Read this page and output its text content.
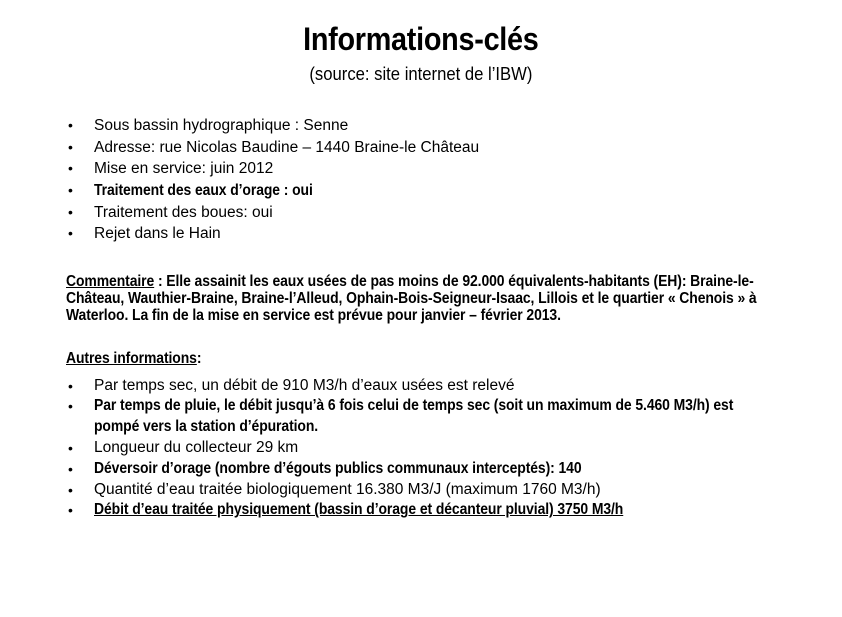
Informations-clés
(source: site internet de l’IBW)
• Sous bassin hydrographique : Senne
• Adresse: rue Nicolas Baudine – 1440 Braine-le Château
• Mise en service: juin 2012
• Traitement des eaux d’orage : oui
• Traitement des boues: oui
• Rejet dans le Hain
Commentaire : Elle assainit les eaux usées de pas moins de 92.000 équivalents-habitants (EH): Braine-le-Château, Wauthier-Braine, Braine-l’Alleud, Ophain-Bois-Seigneur-Isaac, Lillois et le quartier « Chenois » à Waterloo. La fin de la mise en service est prévue pour janvier – février 2013.
Autres informations:
• Par temps sec, un débit de 910 M3/h d’eaux usées est relevé
• Par temps de pluie, le débit jusqu’à 6 fois celui de temps sec (soit un maximum de 5.460 M3/h) est pompé vers la station d’épuration.
• Longueur du collecteur 29 km
• Déversoir d’orage (nombre d’égouts publics communaux interceptés): 140
• Quantité d’eau traitée biologiquement 16.380 M3/J (maximum 1760 M3/h)
• Débit d’eau traitée physiquement (bassin d’orage et décanteur pluvial) 3750 M3/h
